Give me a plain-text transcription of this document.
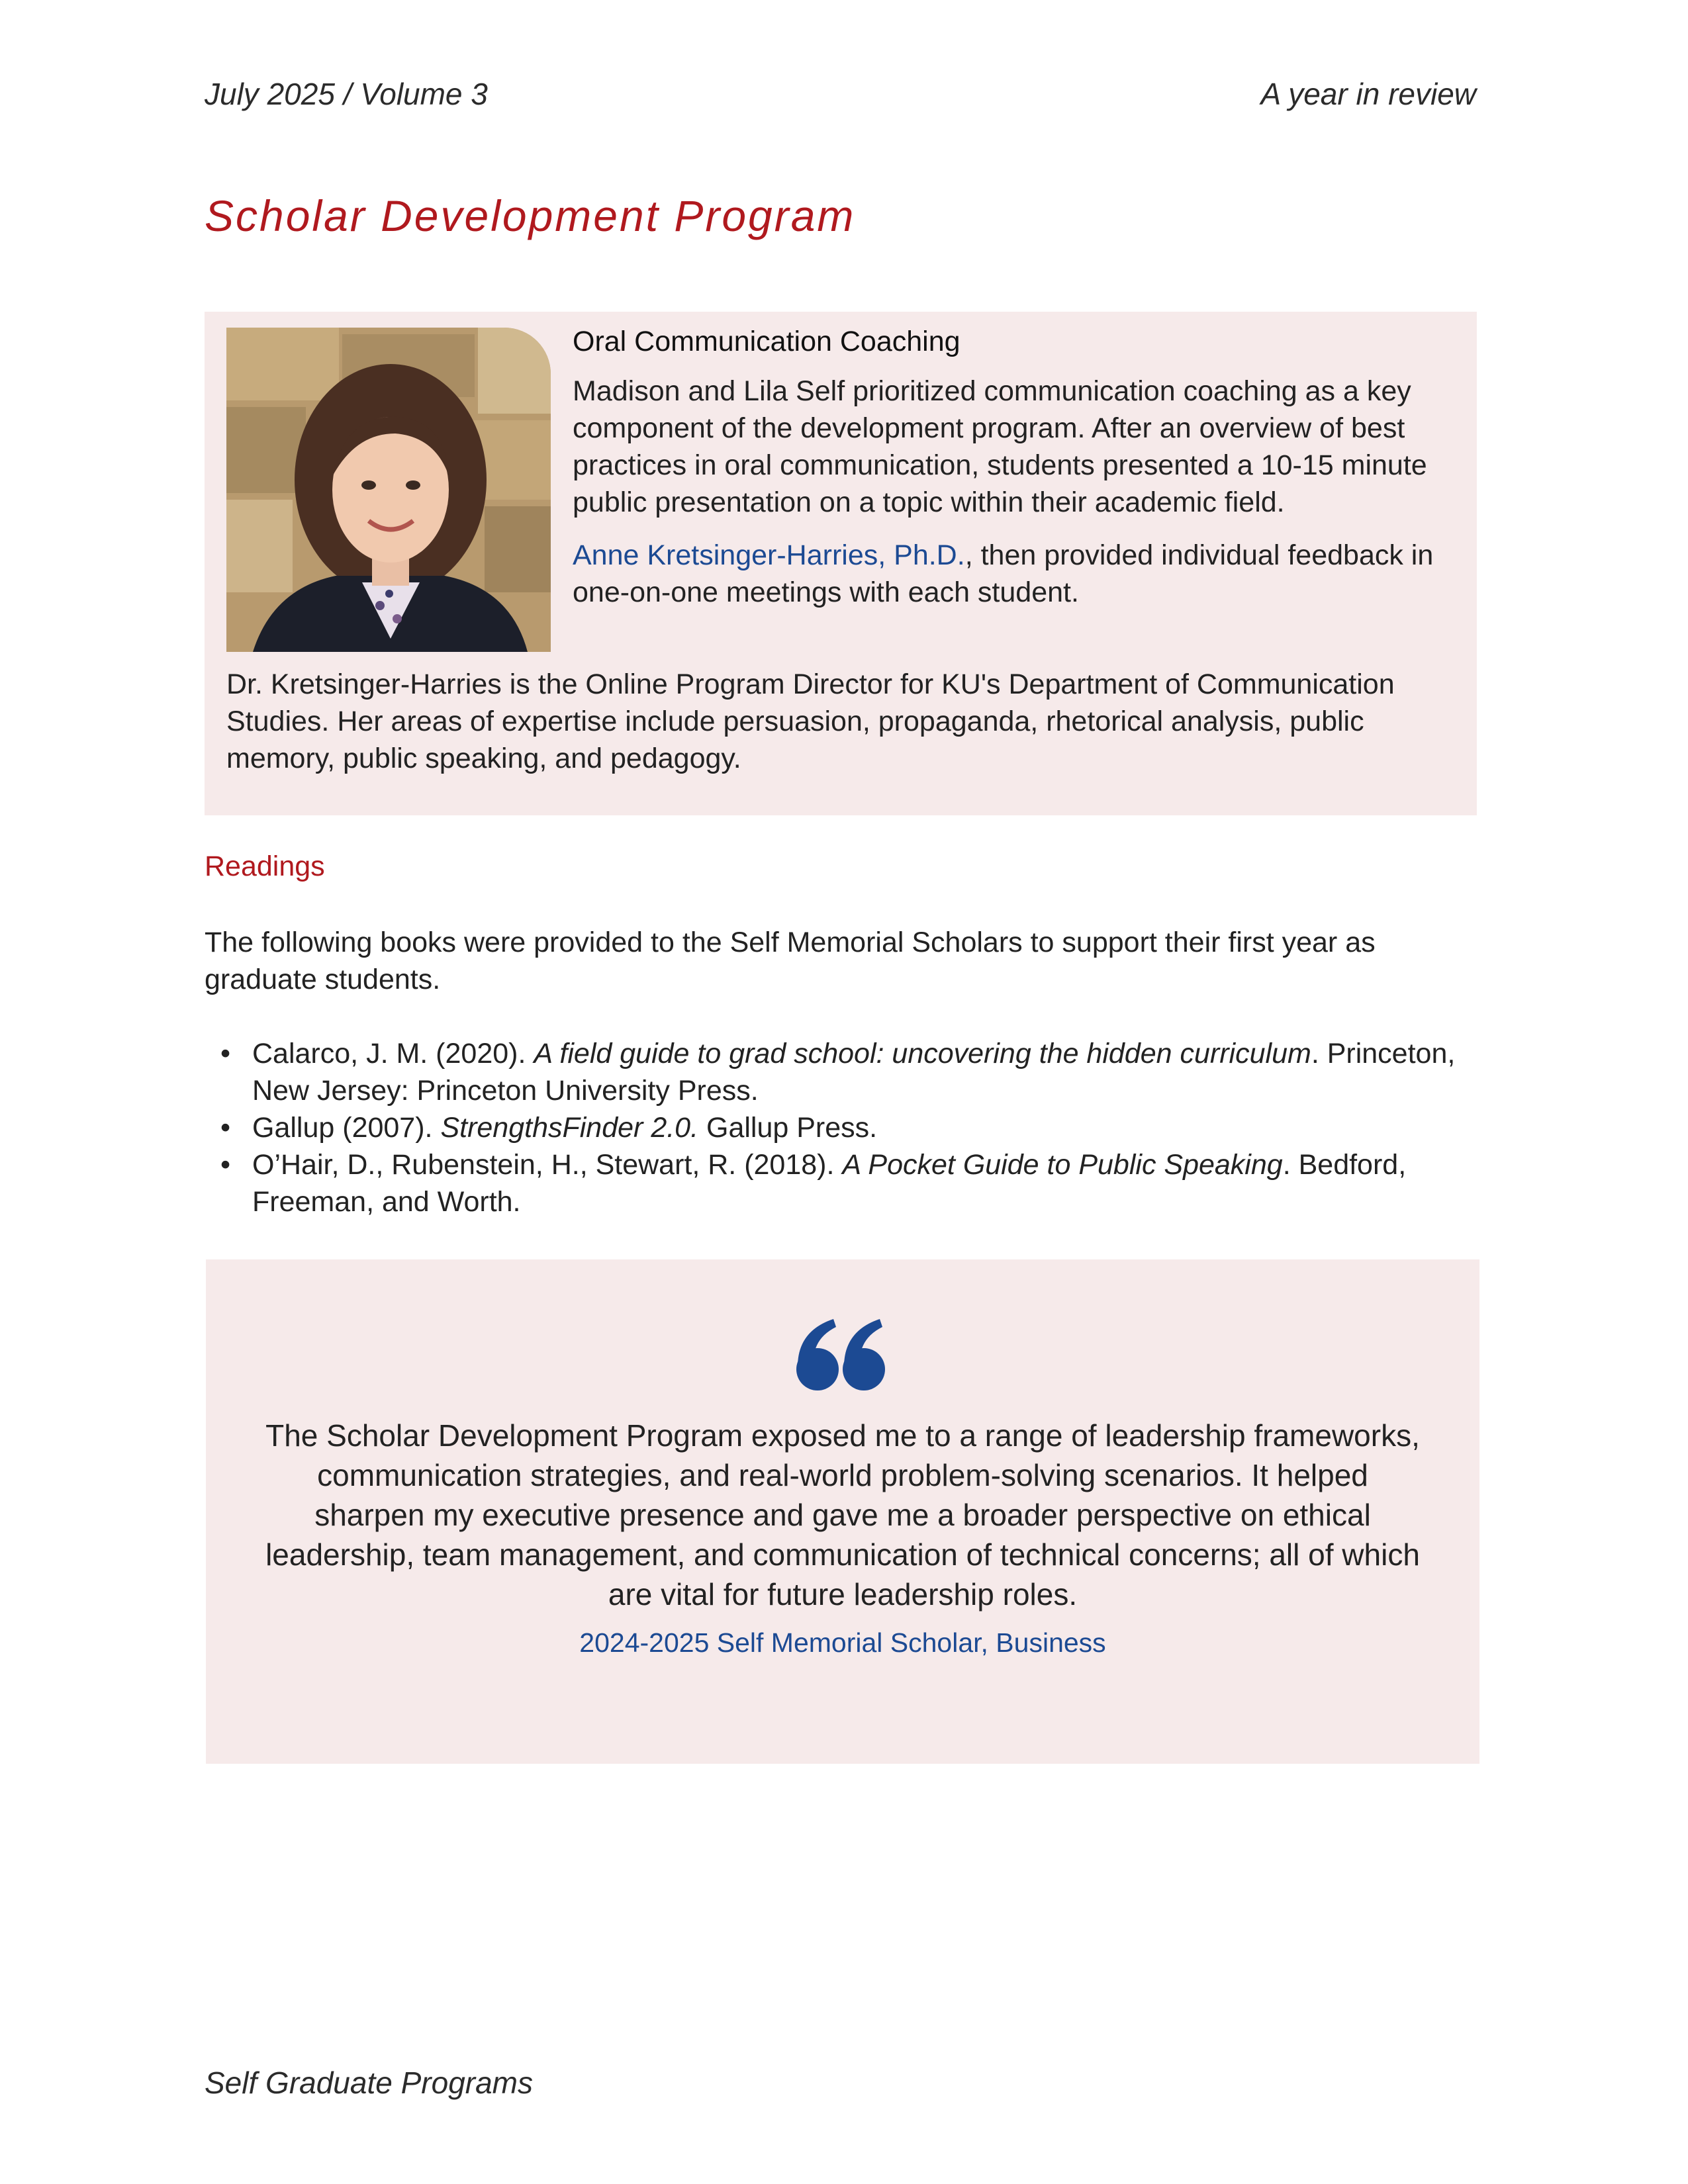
July 2025 / Volume 3	A year in review
Scholar Development Program
Oral Communication Coaching

Madison and Lila Self prioritized communication coaching as a key component of the development program. After an overview of best practices in oral communication, students presented a 10-15 minute public presentation on a topic within their academic field.

Anne Kretsinger-Harries, Ph.D., then provided individual feedback in one-on-one meetings with each student.

Dr. Kretsinger-Harries is the Online Program Director for KU's Department of Communication Studies. Her areas of expertise include persuasion, propaganda, rhetorical analysis, public memory, public speaking, and pedagogy.

Readings

The following books were provided to the Self Memorial Scholars to support their first year as graduate students.

• Calarco, J. M. (2020). A field guide to grad school: uncovering the hidden curriculum. Princeton, New Jersey: Princeton University Press.
• Gallup (2007). StrengthsFinder 2.0. Gallup Press.
• O’Hair, D., Rubenstein, H., Stewart, R. (2018). A Pocket Guide to Public Speaking. Bedford, Freeman, and Worth.

The Scholar Development Program exposed me to a range of leadership frameworks, communication strategies, and real-world problem-solving scenarios. It helped sharpen my executive presence and gave me a broader perspective on ethical leadership, team management, and communication of technical concerns; all of which are vital for future leadership roles.

2024-2025 Self Memorial Scholar, Business

Self Graduate Programs
